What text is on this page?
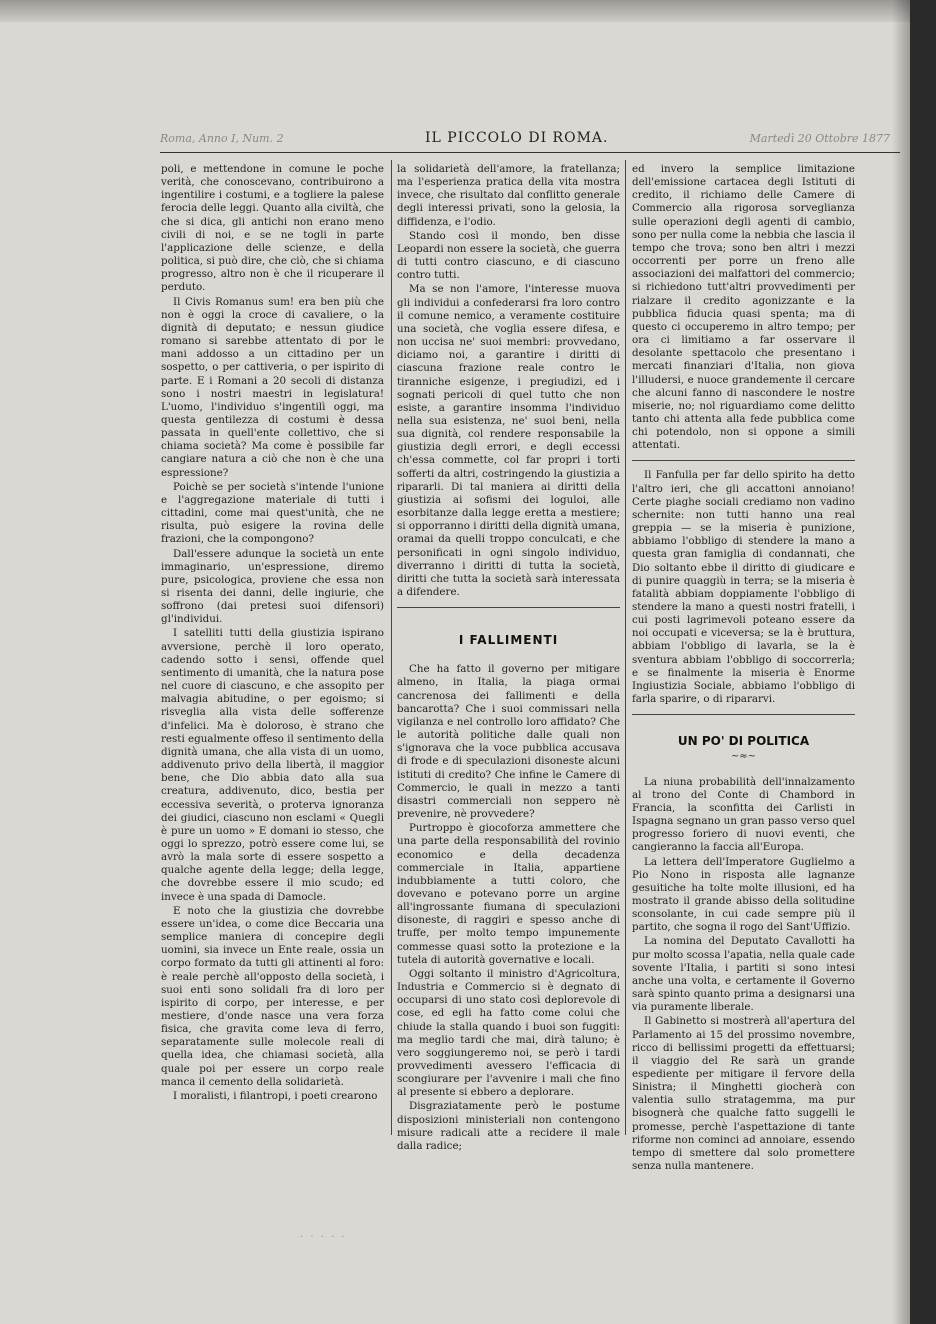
Roma, Anno I, Num. 2	IL PICCOLO DI ROMA.	Martedì 20 Ottobre 1877

poli, e mettendone in comune le poche verità, che conoscevano, contribuirono a ingentilire i costumi, e a togliere la palese ferocia delle leggi. Quanto alla civiltà, che che si dica, gli antichi non erano meno civili di noi, e se ne togli in parte l'applicazione delle scienze, e della politica, si può dire, che ciò, che si chiama progresso, altro non è che il ricuperare il perduto.

Il Civis Romanus sum! era ben più che non è oggi la croce di cavaliere, o la dignità di deputato; e nessun giudice romano si sarebbe attentato di por le mani addosso a un cittadino per un sospetto, o per cattiveria, o per ispirito di parte. E i Romani a 20 secoli di distanza sono i nostri maestri in legislatura! L'uomo, l'individuo s'ingentilì oggi, ma questa gentilezza di costumi è dessa passata in quell'ente collettivo, che si chiama società? Ma come è possibile far cangiare natura a ciò che non è che una espressione?

Poichè se per società s'intende l'unione e l'aggregazione materiale di tutti i cittadini, come mai quest'unità, che ne risulta, può esigere la rovina delle frazioni, che la compongono?

Dall'essere adunque la società un ente immaginario, un'espressione, diremo pure, psicologica, proviene che essa non si risenta dei danni, delle ingiurie, che soffrono (dai pretesi suoi difensori) gl'individui.

I satelliti tutti della giustizia ispirano avversione, perchè il loro operato, cadendo sotto i sensi, offende quel sentimento di umanità, che la natura pose nel cuore di ciascuno, e che assopito per malvagia abitudine, o per egoismo; si risveglia alla vista delle sofferenze d'infelici. Ma è doloroso, è strano che resti egualmente offeso il sentimento della dignità umana, che alla vista di un uomo, addivenuto privo della libertà, il maggior bene, che Dio abbia dato alla sua creatura, addivenuto, dico, bestia per eccessiva severità, o proterva ignoranza dei giudici, ciascuno non esclami « Quegli è pure un uomo » E domani io stesso, che oggi lo sprezzo, potrò essere come lui, se avrò la mala sorte di essere sospetto a qualche agente della legge; della legge, che dovrebbe essere il mio scudo; ed invece è una spada di Damocle.

E noto che la giustizia che dovrebbe essere un'idea, o come dice Beccaria una semplice maniera di concepire degli uomini, sia invece un Ente reale, ossia un corpo formato da tutti gli attinenti al foro: è reale perchè all'opposto della società, i suoi enti sono solidali fra di loro per ispirito di corpo, per interesse, e per mestiere, d'onde nasce una vera forza fisica, che gravita come leva di ferro, separatamente sulle molecole reali di quella idea, che chiamasi società, alla quale poi per essere un corpo reale manca il cemento della solidarietà.

I moralisti, i filantropi, i poeti crearono

la solidarietà dell'amore, la fratellanza; ma l'esperienza pratica della vita mostra invece, che risultato dal conflitto generale degli interessi privati, sono la gelosia, la diffidenza, e l'odio.

Stando così il mondo, ben disse Leopardi non essere la società, che guerra di tutti contro ciascuno, e di ciascuno contro tutti.

Ma se non l'amore, l'interesse muova gli individui a confederarsi fra loro contro il comune nemico, a veramente costituire una società, che voglia essere difesa, e non uccisa ne' suoi membri: provvedano, diciamo noi, a garantire i diritti di ciascuna frazione reale contro le tiranniche esigenze, i pregiudizi, ed i sognati pericoli di quel tutto che non esiste, a garantire insomma l'individuo nella sua esistenza, ne' suoi beni, nella sua dignità, col rendere responsabile la giustizia degli errori, e degli eccessi ch'essa commette, col far propri i torti sofferti da altri, costringendo la giustizia a ripararli. Di tal maniera ai diritti della giustizia ai sofismi dei loguloi, alle esorbitanze dalla legge eretta a mestiere; si opporranno i diritti della dignità umana, oramai da quelli troppo conculcati, e che personificati in ogni singolo individuo, diverranno i diritti di tutta la società, diritti che tutta la società sarà interessata a difendere.

I FALLIMENTI

Che ha fatto il governo per mitigare almeno, in Italia, la piaga ormai cancrenosa dei fallimenti e della bancarotta? Che i suoi commissari nella vigilanza e nel controllo loro affidato? Che le autorità politiche dalle quali non s'ignorava che la voce pubblica accusava di frode e di speculazioni disoneste alcuni istituti di credito? Che infine le Camere di Commercio, le quali in mezzo a tanti disastri commerciali non seppero nè prevenire, nè provvedere?

Purtroppo è giocoforza ammettere che una parte della responsabilità del rovinio economico e della decadenza commerciale in Italia, appartiene indubbiamente a tutti coloro, che dovevano e potevano porre un argine all'ingrossante fiumana di speculazioni disoneste, di raggiri e spesso anche di truffe, per molto tempo impunemente commesse quasi sotto la protezione e la tutela di autorità governative e locali.

Oggi soltanto il ministro d'Agricoltura, Industria e Commercio si è degnato di occuparsi di uno stato così deplorevole di cose, ed egli ha fatto come colui che chiude la stalla quando i buoi son fuggiti: ma meglio tardi che mai, dirà taluno; è vero soggiungeremo noi, se però i tardi provvedimenti avessero l'efficacia di scongiurare per l'avvenire i mali che fino al presente si ebbero a deplorare.

Disgraziatamente però le postume disposizioni ministeriali non contengono misure radicali atte a recidere il male dalla radice;

ed invero la semplice limitazione dell'emissione cartacea degli Istituti di credito, il richiamo delle Camere di Commercio alla rigorosa sorveglianza sulle operazioni degli agenti di cambio, sono per nulla come la nebbia che lascia il tempo che trova; sono ben altri i mezzi occorrenti per porre un freno alle associazioni dei malfattori del commercio; si richiedono tutt'altri provvedimenti per rialzare il credito agonizzante e la pubblica fiducia quasi spenta; ma di questo ci occuperemo in altro tempo; per ora ci limitiamo a far osservare il desolante spettacolo che presentano i mercati finanziari d'Italia, non giova l'illudersi, e nuoce grandemente il cercare che alcuni fanno di nascondere le nostre miserie, no; nol riguardiamo come delitto tanto chi attenta alla fede pubblica come chi potendolo, non si oppone a simili attentati.

Il Fanfulla per far dello spirito ha detto l'altro ieri, che gli accattoni annoiano! Certe piaghe sociali crediamo non vadino schernite: non tutti hanno una real greppia — se la miseria è punizione, abbiamo l'obbligo di stendere la mano a questa gran famiglia di condannati, che Dio soltanto ebbe il diritto di giudicare e di punire quaggiù in terra; se la miseria è fatalità abbiam doppiamente l'obbligo di stendere la mano a questi nostri fratelli, i cui posti lagrimevoli poteano essere da noi occupati e viceversa; se la è bruttura, abbiam l'obbligo di lavarla, se la è sventura abbiam l'obbligo di soccorrerla; e se finalmente la miseria è Enorme Ingiustizia Sociale, abbiamo l'obbligo di farla sparire, o di ripararvi.

UN PO' DI POLITICA
~≈~

La niuna probabilità dell'innalzamento al trono del Conte di Chambord in Francia, la sconfitta dei Carlisti in Ispagna segnano un gran passo verso quel progresso foriero di nuovi eventi, che cangieranno la faccia all'Europa.

La lettera dell'Imperatore Guglielmo a Pio Nono in risposta alle lagnanze gesuitiche ha tolte molte illusioni, ed ha mostrato il grande abisso della solitudine sconsolante, in cui cade sempre più il partito, che sogna il rogo del Sant'Uffizio.

La nomina del Deputato Cavallotti ha pur molto scossa l'apatia, nella quale cade sovente l'Italia, i partiti si sono intesi anche una volta, e certamente il Governo sarà spinto quanto prima a designarsi una via puramente liberale.

Il Gabinetto si mostrerà all'apertura del Parlamento ai 15 del prossimo novembre, ricco di bellissimi progetti da effettuarsi; il viaggio del Re sarà un grande espediente per mitigare il fervore della Sinistra; il Minghetti giocherà con valentia sullo stratagemma, ma pur bisognerà che qualche fatto suggelli le promesse, perchè l'aspettazione di tante riforme non cominci ad annoiare, essendo tempo di smettere dal solo promettere senza nulla mantenere.

· · · · ·
